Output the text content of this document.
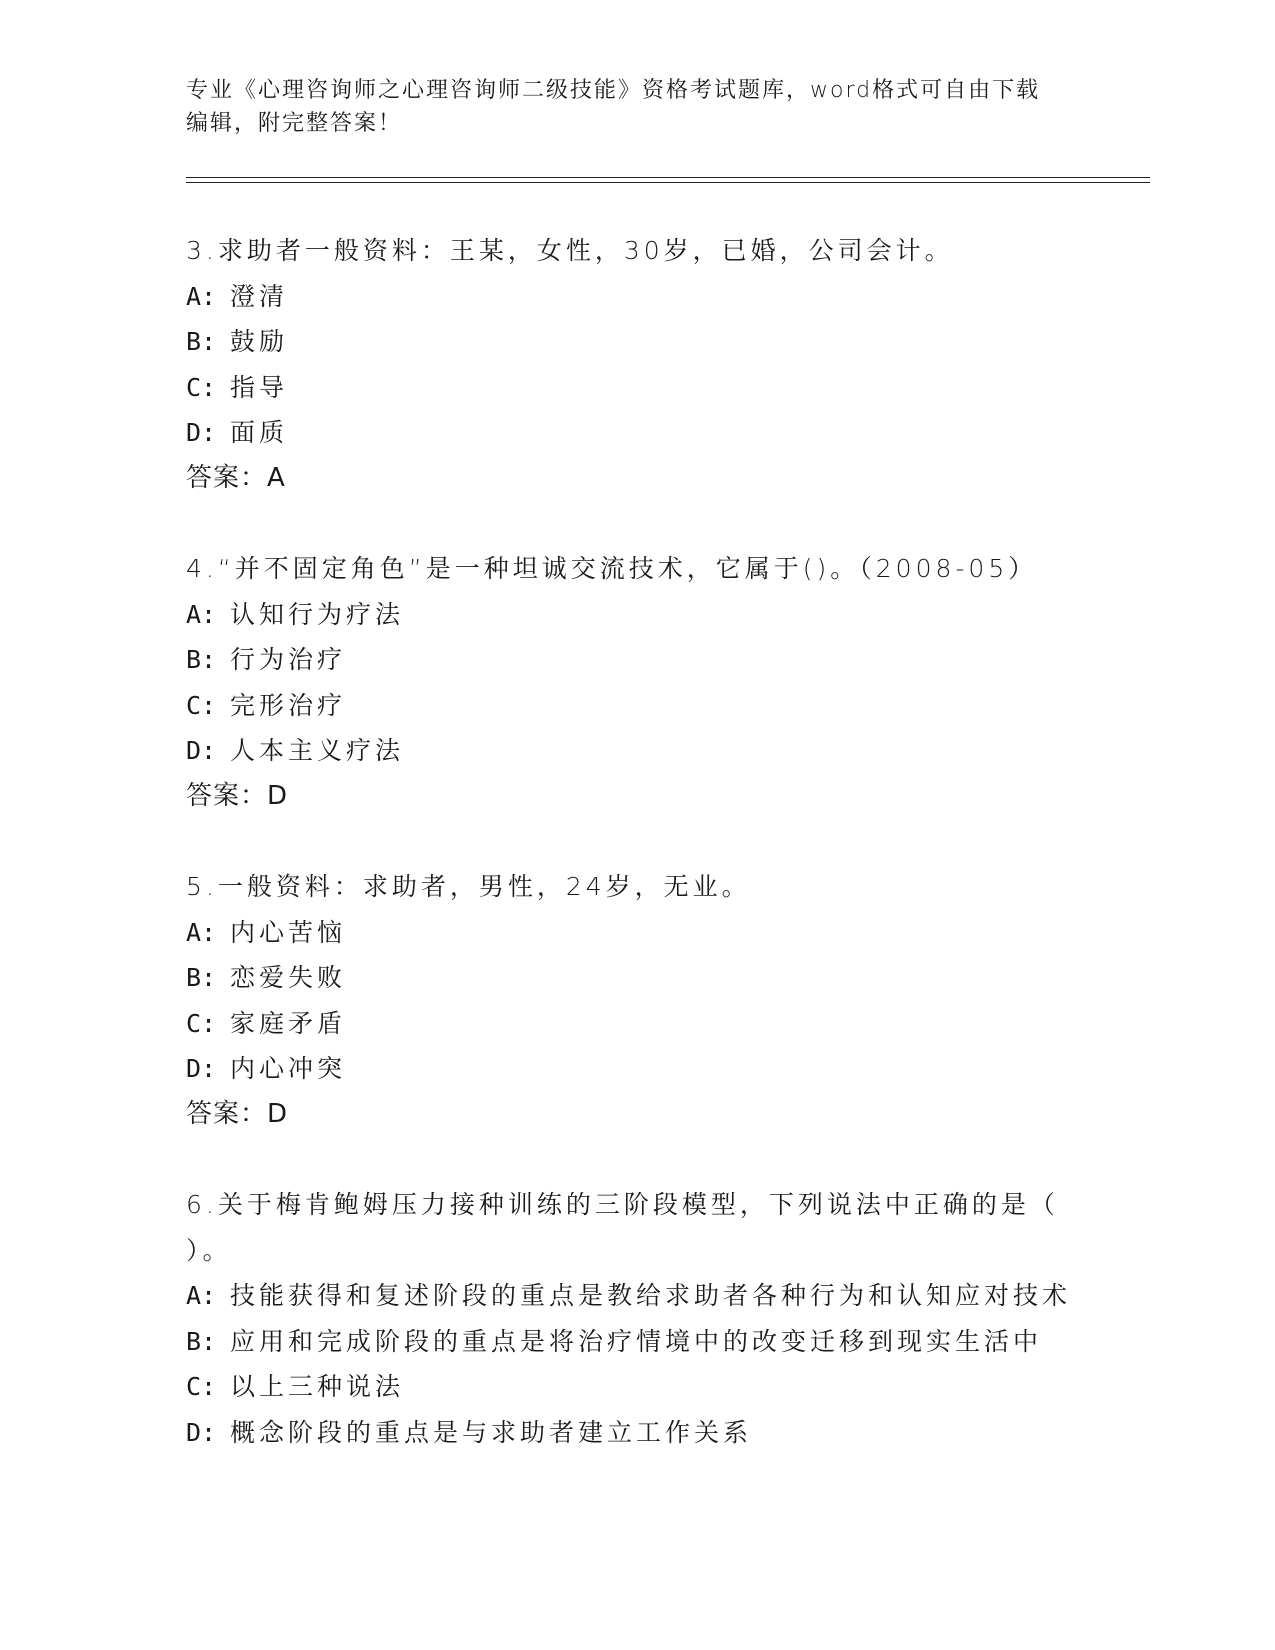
专业《心理咨询师之心理咨询师二级技能》资格考试题库，word格式可自由下载
编辑，附完整答案！
3.求助者一般资料：王某，女性，30岁，已婚，公司会计。
A: 澄清
B: 鼓励
C: 指导
D: 面质
答案：A
4.“并不固定角色”是一种坦诚交流技术，它属于()。（2008-05）
A: 认知行为疗法
B: 行为治疗
C: 完形治疗
D: 人本主义疗法
答案：D
5.一般资料：求助者，男性，24岁，无业。
A: 内心苦恼
B: 恋爱失败
C: 家庭矛盾
D: 内心冲突
答案：D
6.关于梅肯鲍姆压力接种训练的三阶段模型，下列说法中正确的是（
）。
A: 技能获得和复述阶段的重点是教给求助者各种行为和认知应对技术
B: 应用和完成阶段的重点是将治疗情境中的改变迁移到现实生活中
C: 以上三种说法
D: 概念阶段的重点是与求助者建立工作关系
